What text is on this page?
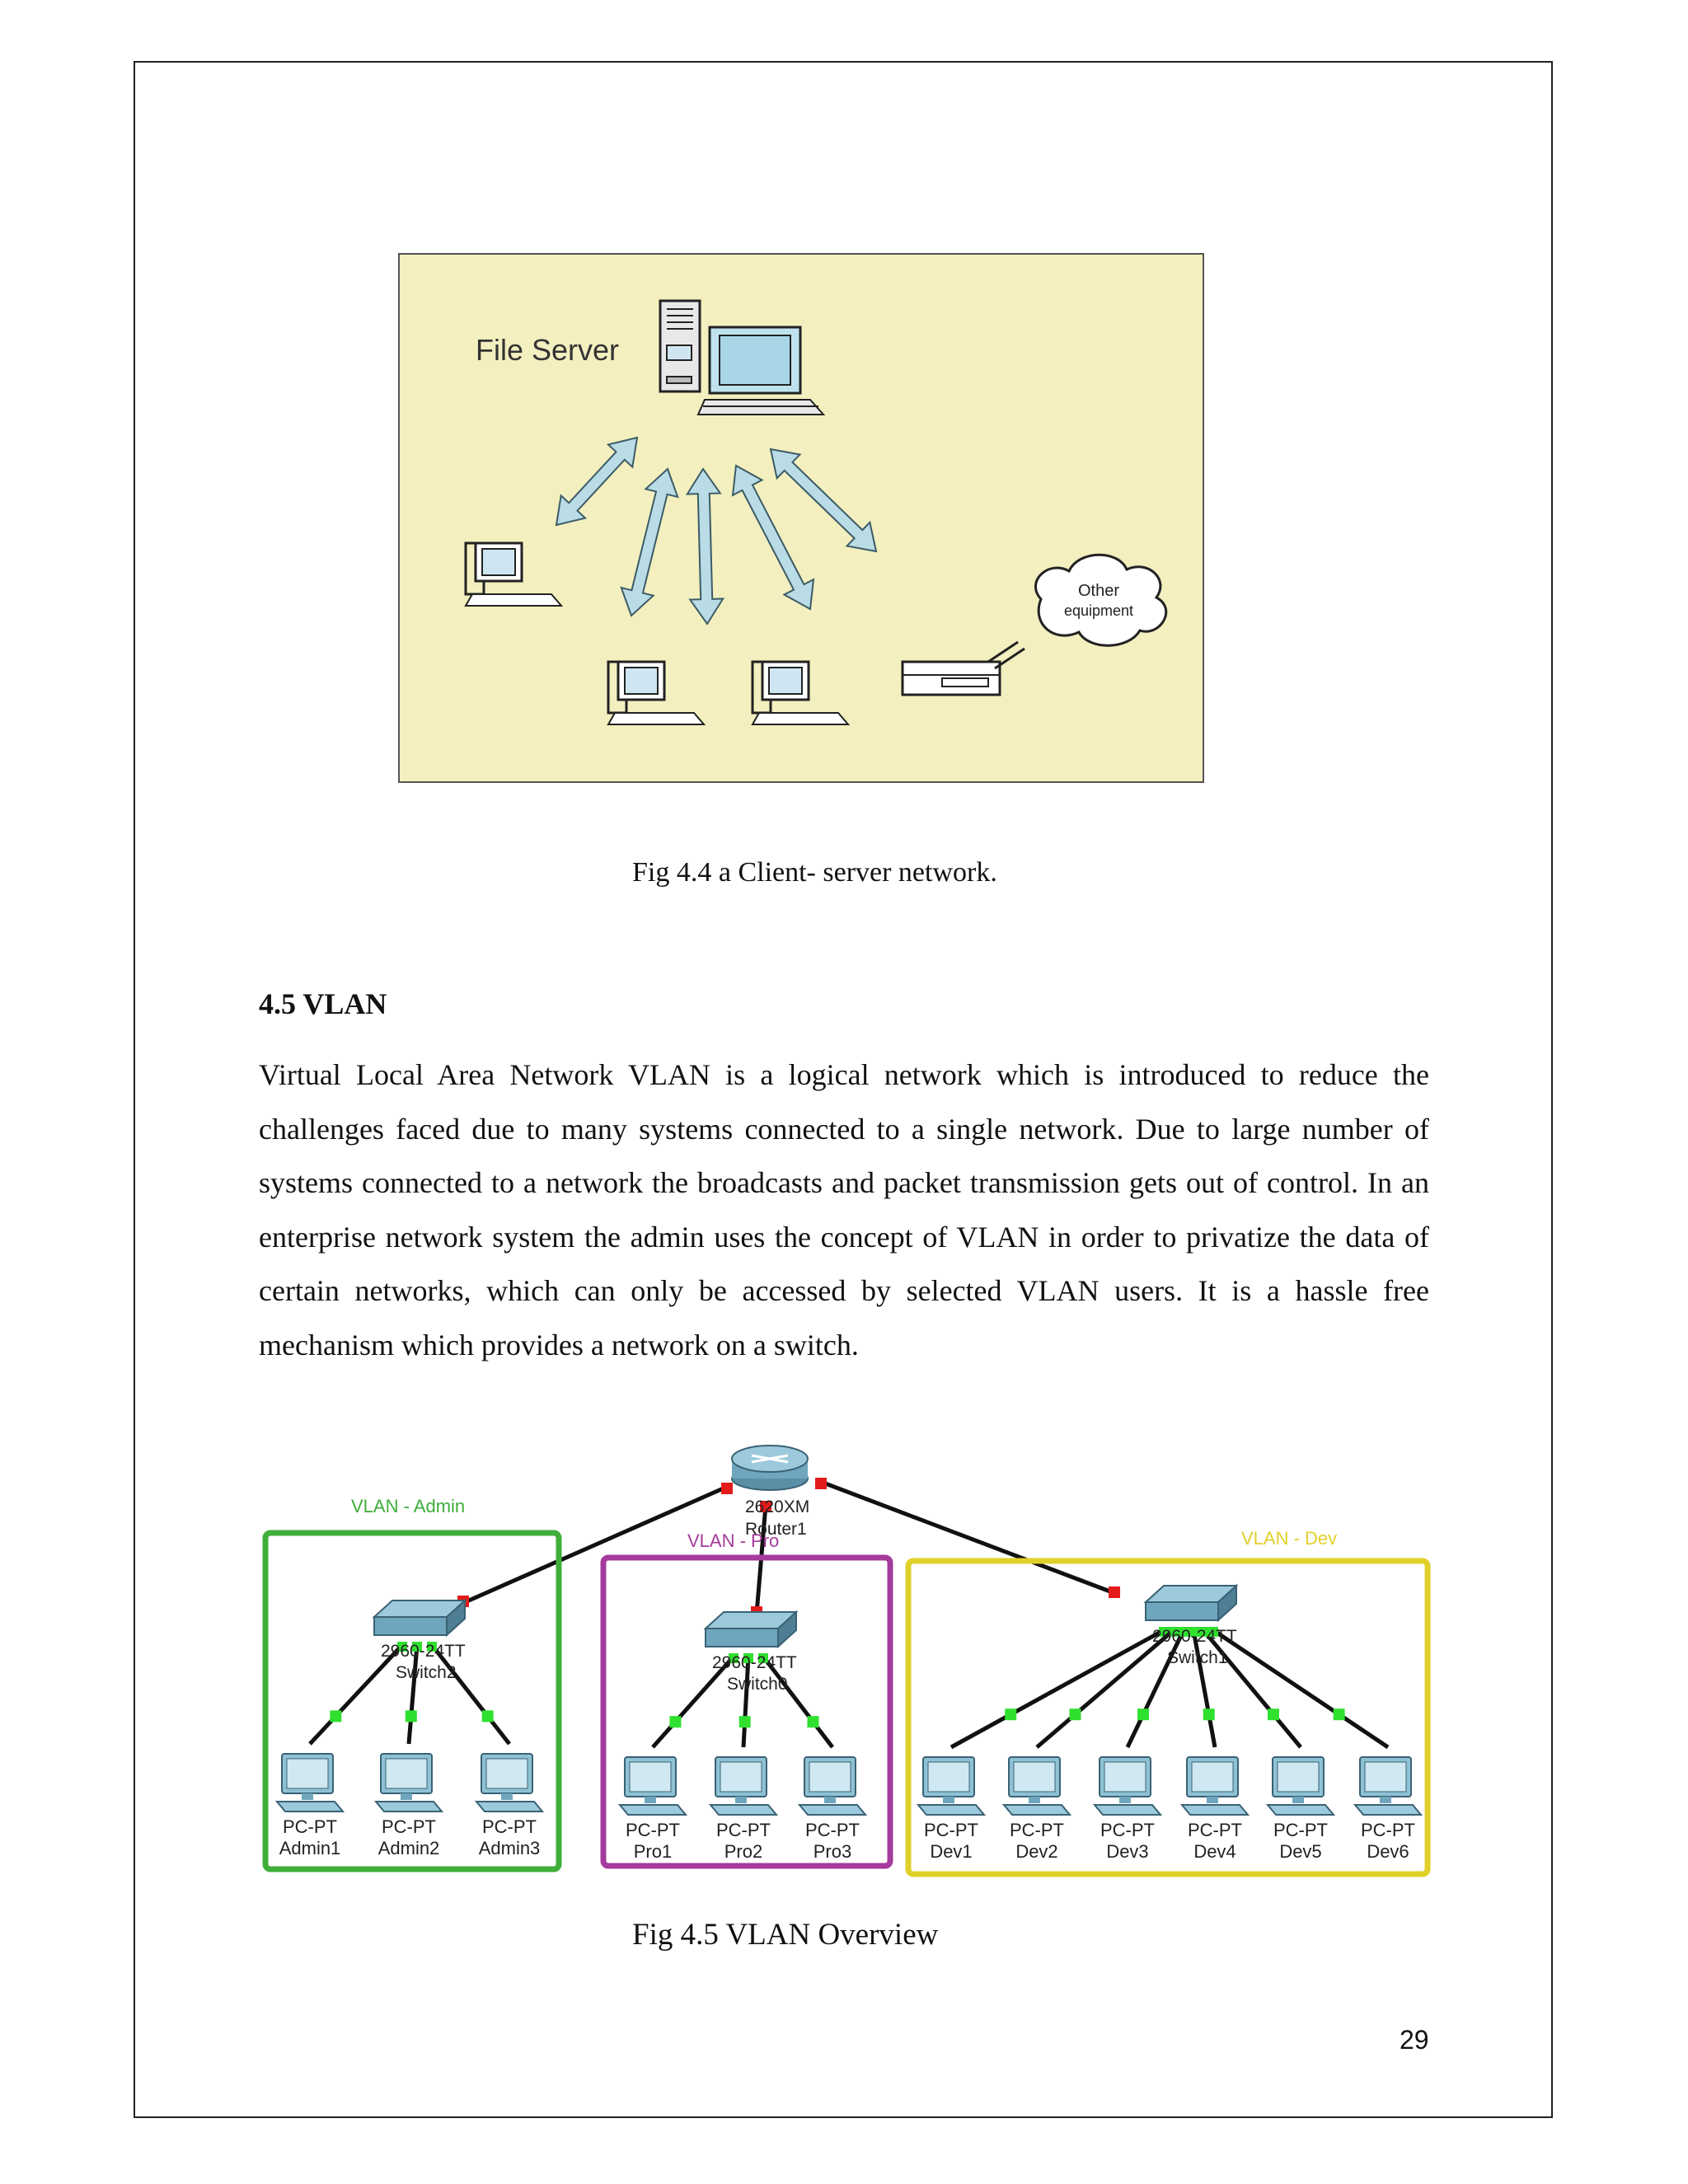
File Server
Other
equipment
Fig 4.4 a Client- server network.
4.5 VLAN
Virtual Local Area Network VLAN is a logical network which is introduced to reduce the challenges faced due to many systems connected to a single network. Due to large number of systems connected to a network the broadcasts and packet transmission gets out of control. In an enterprise network system the admin uses the concept of VLAN in order to privatize the data of certain networks, which can only be accessed by selected VLAN users. It is a hassle free mechanism which provides a network on a switch.
VLAN - Admin
VLAN - Pro	VLAN - Dev
2620XM
Router1
2960-24TT
Switch2
2960-24TT
Switch0
2960-24TT
Switch1
PC-PT
Admin1
PC-PT
Admin2
PC-PT
Admin3
PC-PT
Pro1
PC-PT
Pro2
PC-PT
Pro3
PC-PT
Dev1
PC-PT
Dev2
PC-PT
Dev3
PC-PT
Dev4
PC-PT
Dev5
PC-PT
Dev6
Fig 4.5 VLAN Overview
29
